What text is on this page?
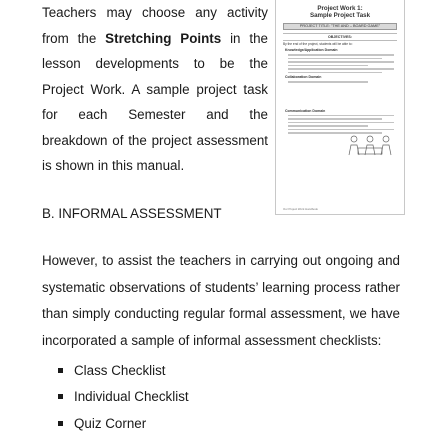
Teachers may choose any activity from the Stretching Points in the lesson developments to be the Project Work. A sample project task for each Semester and the breakdown of the project assessment is shown in this manual.

Project Work 1:
Sample Project Task
PROJECT TITLE: "THE AND – BOARD GAME"
OBJECTIVES:
By the end of the project, students will be able to:
Knowledge/Application Domain
Collaboration Domain
Communication Domain
Our Project Work Handbook
B. INFORMAL ASSESSMENT

However, to assist the teachers in carrying out ongoing and systematic observations of students’ learning process rather than simply conducting regular formal assessment, we have incorporated a sample of informal assessment checklists:

Class Checklist
Individual Checklist
Quiz Corner
